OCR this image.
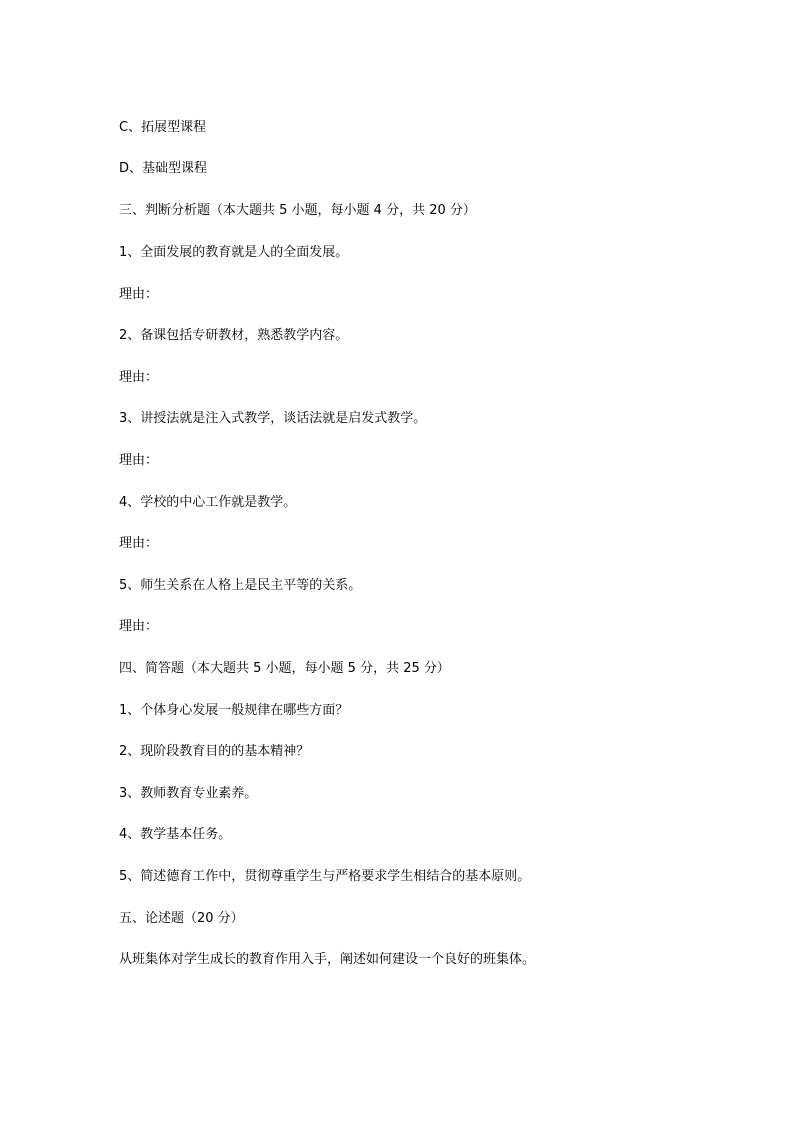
C、拓展型课程

D、基础型课程

三、判断分析题（本大题共 5 小题，每小题 4 分，共 20 分）

1、全面发展的教育就是人的全面发展。

理由：

2、备课包括专研教材，熟悉教学内容。

理由：

3、讲授法就是注入式教学，谈话法就是启发式教学。

理由：

4、学校的中心工作就是教学。

理由：

5、师生关系在人格上是民主平等的关系。

理由：

四、简答题（本大题共 5 小题，每小题 5 分，共 25 分）

1、个体身心发展一般规律在哪些方面？

2、现阶段教育目的的基本精神？

3、教师教育专业素养。

4、教学基本任务。

5、简述德育工作中，贯彻尊重学生与严格要求学生相结合的基本原则。

五、论述题（20 分）

从班集体对学生成长的教育作用入手，阐述如何建设一个良好的班集体。
